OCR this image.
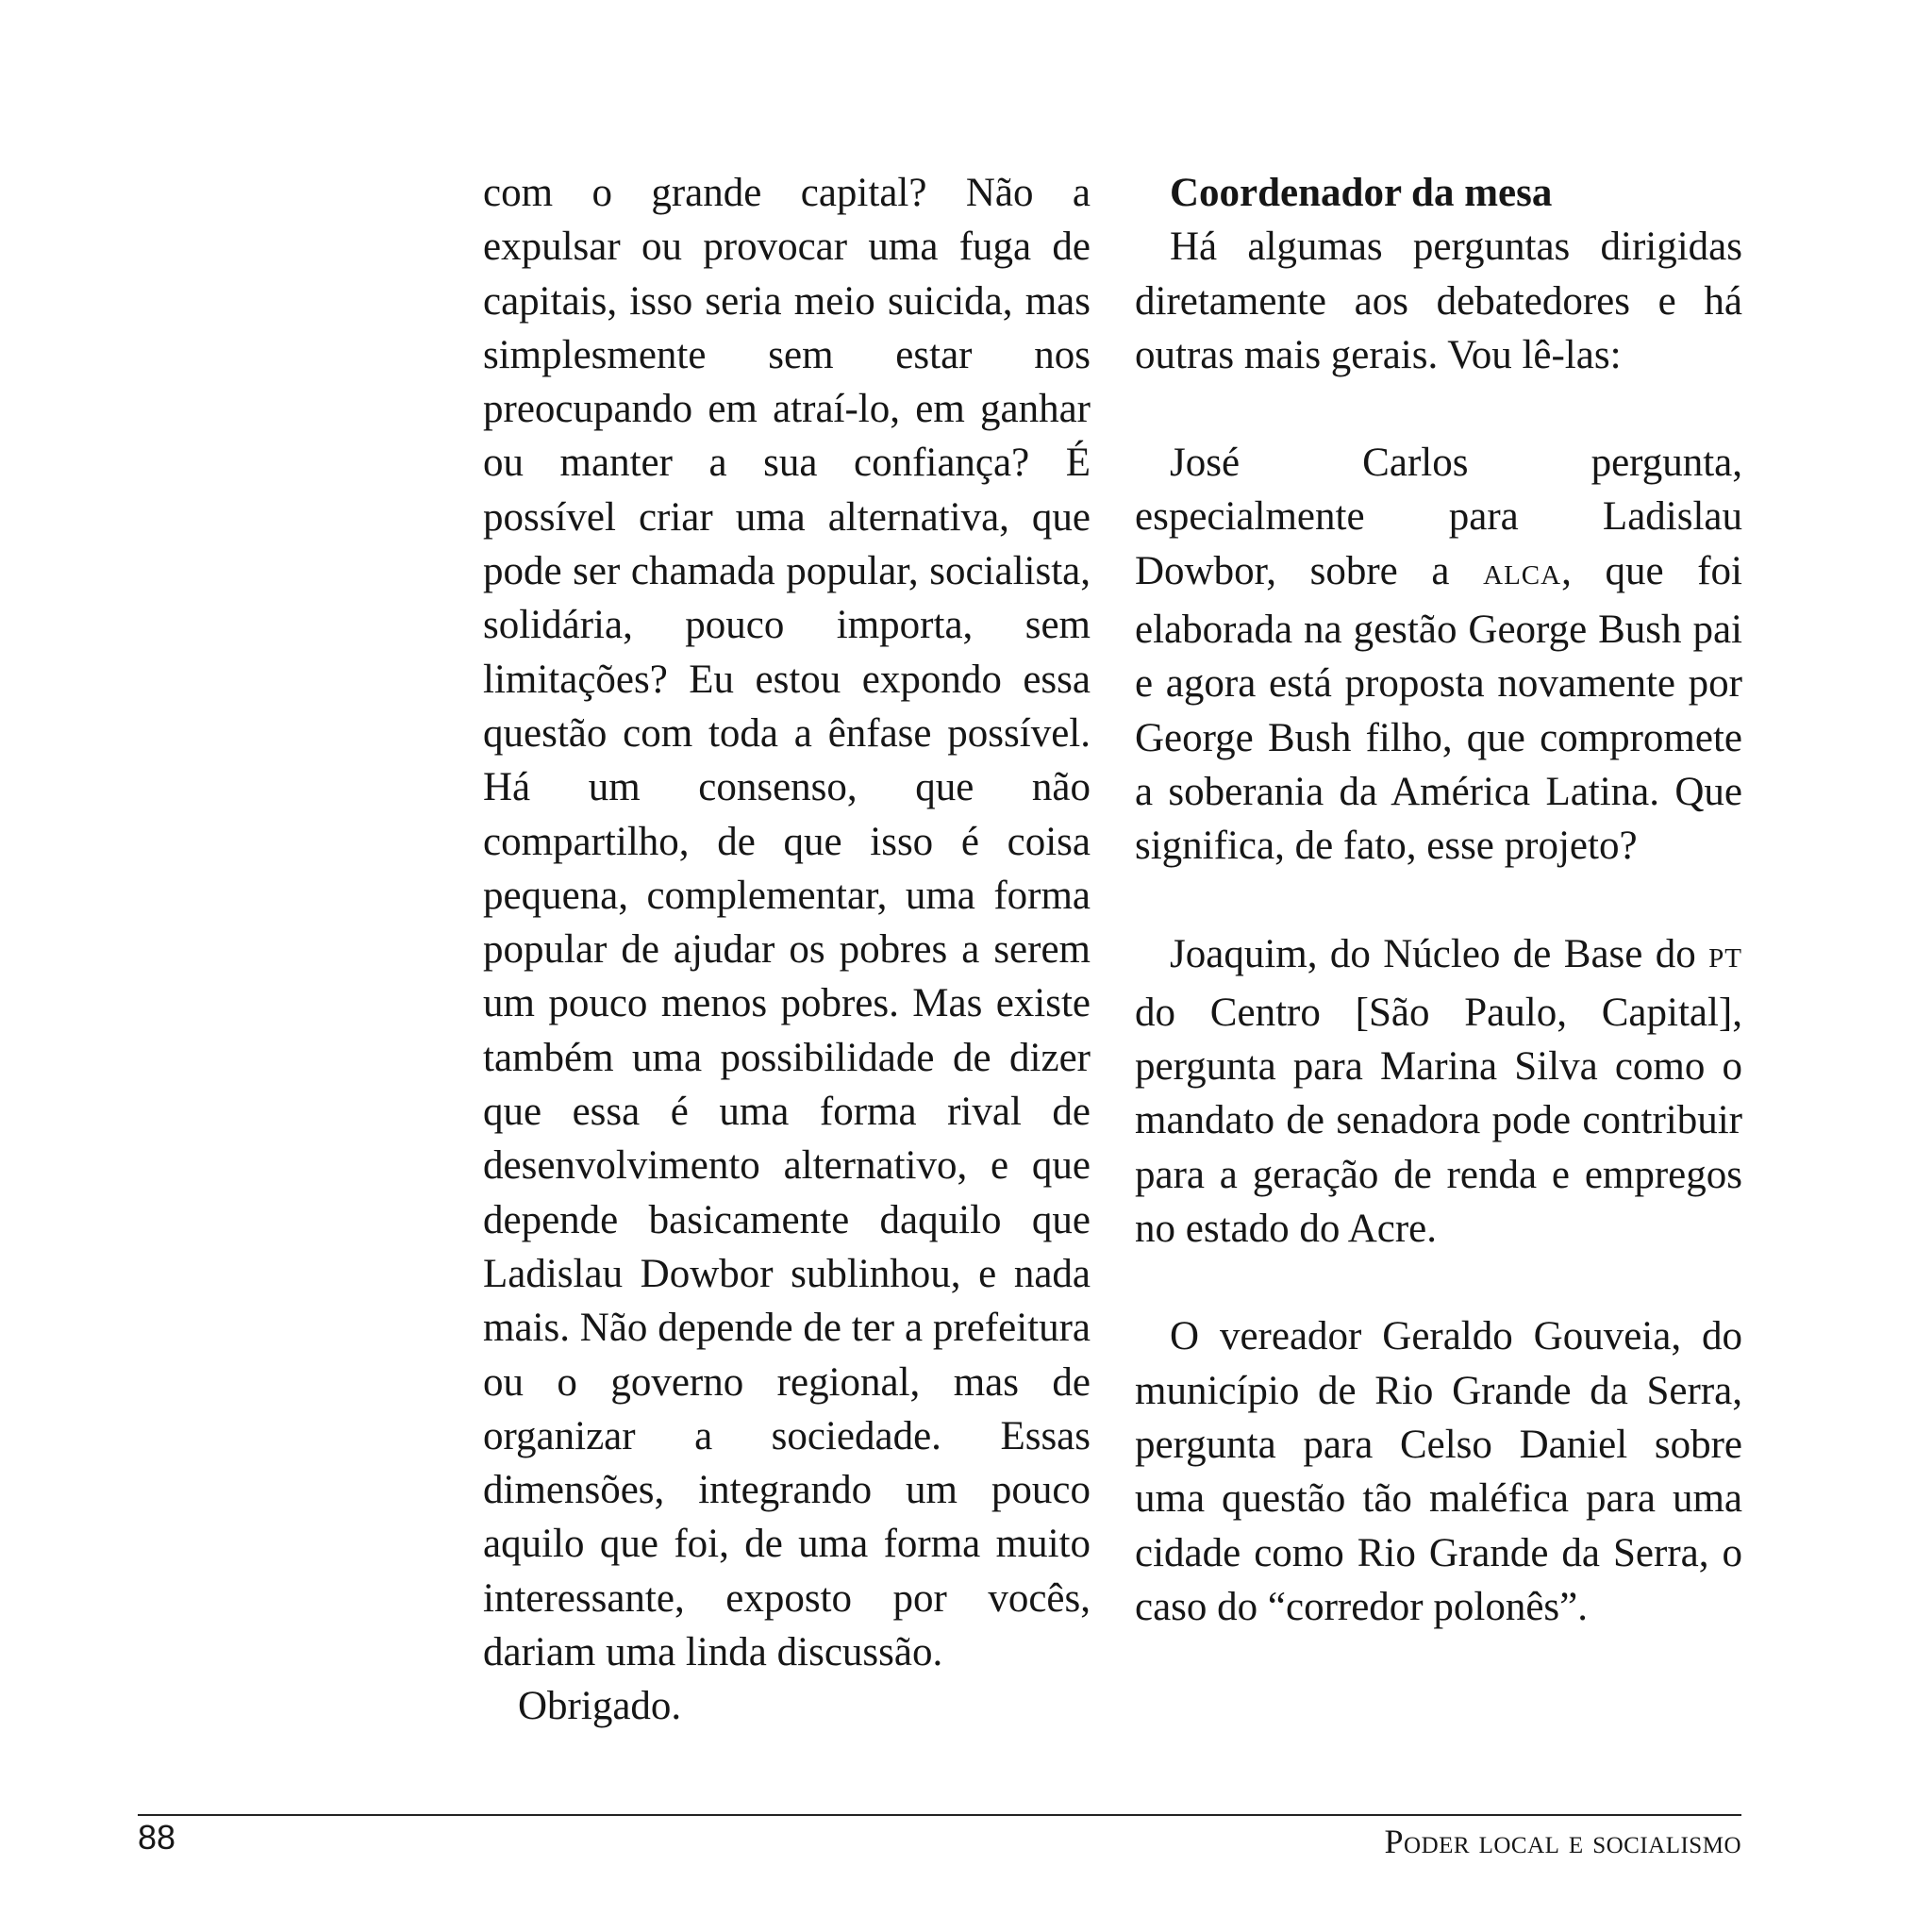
com o grande capital? Não a expulsar ou provocar uma fuga de capitais, isso seria meio suicida, mas simplesmente sem estar nos preocupando em atraí-lo, em ganhar ou manter a sua confiança? É possível criar uma alternativa, que pode ser chamada popular, socialista, solidária, pouco importa, sem limitações? Eu estou expondo essa questão com toda a ênfase possível. Há um consenso, que não compartilho, de que isso é coisa pequena, complementar, uma forma popular de ajudar os pobres a serem um pouco menos pobres. Mas existe também uma possibilidade de dizer que essa é uma forma rival de desenvolvimento alternativo, e que depende basicamente daquilo que Ladislau Dowbor sublinhou, e nada mais. Não depende de ter a prefeitura ou o governo regional, mas de organizar a sociedade. Essas dimensões, integrando um pouco aquilo que foi, de uma forma muito interessante, exposto por vocês, dariam uma linda discussão.

Obrigado.

Coordenador da mesa

Há algumas perguntas dirigidas diretamente aos debatedores e há outras mais gerais. Vou lê-las:

José Carlos pergunta, especialmente para Ladislau Dowbor, sobre a ALCA, que foi elaborada na gestão George Bush pai e agora está proposta novamente por George Bush filho, que compromete a soberania da América Latina. Que significa, de fato, esse projeto?

Joaquim, do Núcleo de Base do PT do Centro [São Paulo, Capital], pergunta para Marina Silva como o mandato de senadora pode contribuir para a geração de renda e empregos no estado do Acre.

O vereador Geraldo Gouveia, do município de Rio Grande da Serra, pergunta para Celso Daniel sobre uma questão tão maléfica para uma cidade como Rio Grande da Serra, o caso do “corredor polonês”.

88	Poder local e socialismo
